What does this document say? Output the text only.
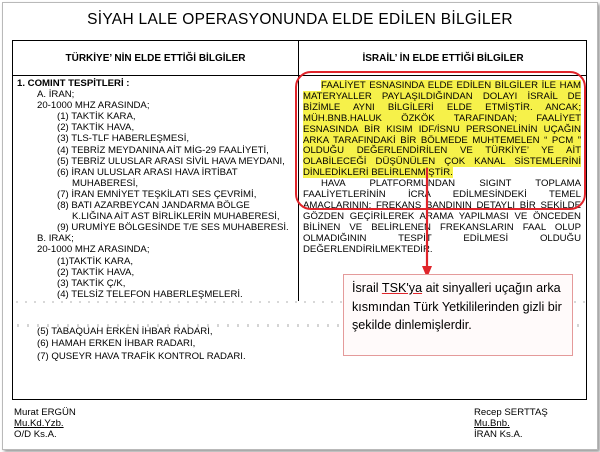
SİYAH LALE OPERASYONUNDA ELDE EDİLEN BİLGİLER
TÜRKİYE’ NİN ELDE ETTİĞİ BİLGİLER	İSRAİL’ İN ELDE ETTİĞİ BİLGİLER
1. COMINT TESPİTLERİ :
A. İRAN;
20-1000 MHZ ARASINDA;
(1) TAKTİK KARA,
(2) TAKTİK HAVA,
(3) TLS-TLF HABERLEŞMESİ,
(4) TEBRİZ MEYDANINA AİT MİG-29 FAALİYETİ,
(5) TEBRİZ ULUSLAR ARASI SİVİL HAVA MEYDANI,
(6) İRAN ULUSLAR ARASI HAVA İRTİBAT
MUHABERESİ,
(7) İRAN EMNİYET TEŞKİLATI SES ÇEVRİMİ,
(8) BATI AZARBEYCAN JANDARMA BÖLGE
K.LIĞINA AİT AST BİRLİKLERİN MUHABERESİ,
(9) URUMİYE BÖLGESİNDE T/E SES MUHABERESİ.
B. IRAK;
20-1000 MHZ ARASINDA;
(1)TAKTİK KARA,
(2) TAKTİK HAVA,
(3) TAKTİK Ç/K,
(4) TELSİZ TELEFON HABERLEŞMELERİ.
FAALİYET ESNASINDA ELDE EDİLEN BİLGİLER İLE HAM MATERYALLER PAYLAŞILDIĞINDAN DOLAYI İSRAİL DE BİZİMLE AYNI BİLGİLERİ ELDE ETMİŞTİR. ANCAK; MÜH.BNB.HALUK ÖZKÖK TARAFINDAN; FAALİYET ESNASINDA BİR KISIM IDF/İSNU PERSONELİNİN UÇAĞIN ARKA TARAFINDAKİ BİR BÖLMEDE MUHTEMELEN “ PCM ” OLDUĞU DEĞERLENDİRİLEN VE TÜRKİYE’ YE AİT OLABİLECEĞİ DÜŞÜNÜLEN ÇOK KANAL SİSTEMLERİNİ DİNLEDİKLERİ BELİRLENMİŞTİR.
HAVA PLATFORMUNDAN SIGINT TOPLAMA FAALİYETLERİNİN İCRA EDİLMESİNDEKİ TEMEL AMAÇLARININ; FREKANS BANDININ DETAYLI BİR ŞEKİLDE GÖZDEN GEÇİRİLEREK ARAMA YAPILMASI VE ÖNCEDEN BİLİNEN VE BELİRLENEN FREKANSLARIN FAAL OLUP OLMADIĞININ TESPİT EDİLMESİ OLDUĞU DEĞERLENDİRİLMEKTEDİR.
(5) TABAQUAH ERKEN İHBAR RADARI,
(6) HAMAH ERKEN İHBAR RADARI,
(7) QUSEYR HAVA TRAFİK KONTROL RADARI.
İsrail TSK'ya ait sinyalleri uçağın arka kısmından Türk Yetkililerinden gizli bir şekilde dinlemişlerdir.
Murat ERGÜN
Mu.Kd.Yzb.
O/D Ks.A.
Recep SERTTAŞ
Mu.Bnb.
İRAN Ks.A.
